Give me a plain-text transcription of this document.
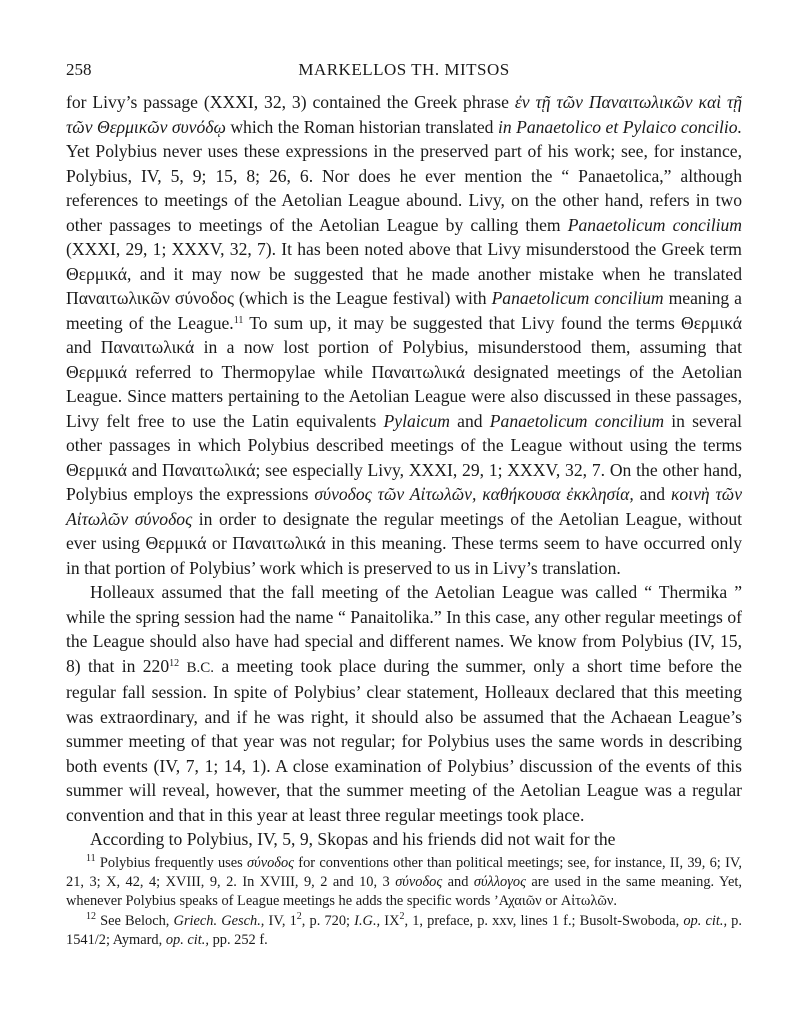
258	MARKELLOS TH. MITSOS

for Livy’s passage (XXXI, 32, 3) contained the Greek phrase ἐν τῇ τῶν Παναιτωλικῶν καὶ τῇ τῶν Θερμικῶν συνόδῳ which the Roman historian translated in Panaetolico et Pylaico concilio. Yet Polybius never uses these expressions in the preserved part of his work; see, for instance, Polybius, IV, 5, 9; 15, 8; 26, 6. Nor does he ever mention the “ Panaetolica,” although references to meetings of the Aetolian League abound. Livy, on the other hand, refers in two other passages to meetings of the Aetolian League by calling them Panaetolicum concilium (XXXI, 29, 1; XXXV, 32, 7). It has been noted above that Livy misunderstood the Greek term Θερμικά, and it may now be suggested that he made another mistake when he translated Παναιτωλικῶν σύνοδος (which is the League festival) with Panaetolicum concilium meaning a meeting of the League.$^{11}$ To sum up, it may be suggested that Livy found the terms Θερμικά and Παναιτωλικά in a now lost portion of Polybius, misunderstood them, assuming that Θερμικά referred to Thermopylae while Παναιτωλικά designated meetings of the Aetolian League. Since matters pertaining to the Aetolian League were also discussed in these passages, Livy felt free to use the Latin equivalents Pylaicum and Panaetolicum concilium in several other passages in which Polybius described meetings of the League without using the terms Θερμικά and Παναιτωλικά; see especially Livy, XXXI, 29, 1; XXXV, 32, 7. On the other hand, Polybius employs the expressions σύνοδος τῶν Αἰτωλῶν, καθήκουσα ἐκκλησία, and κοινὴ τῶν Αἰτωλῶν σύνοδος in order to designate the regular meetings of the Aetolian League, without ever using Θερμικά or Παναιτωλικά in this meaning. These terms seem to have occurred only in that portion of Polybius’ work which is preserved to us in Livy’s translation.

Holleaux assumed that the fall meeting of the Aetolian League was called “ Thermika ” while the spring session had the name “ Panaitolika.” In this case, any other regular meetings of the League should also have had special and different names. We know from Polybius (IV, 15, 8) that in $220^{12}$ B.C. a meeting took place during the summer, only a short time before the regular fall session. In spite of Polybius’ clear statement, Holleaux declared that this meeting was extraordinary, and if he was right, it should also be assumed that the Achaean League’s summer meeting of that year was not regular; for Polybius uses the same words in describing both events (IV, 7, 1; 14, 1). A close examination of Polybius’ discussion of the events of this summer will reveal, however, that the summer meeting of the Aetolian League was a regular convention and that in this year at least three regular meetings took place.

According to Polybius, IV, 5, 9, Skopas and his friends did not wait for the

$^{11}$ Polybius frequently uses σύνοδος for conventions other than political meetings; see, for instance, II, 39, 6; IV, 21, 3; X, 42, 4; XVIII, 9, 2. In XVIII, 9, 2 and 10, 3 σύνοδος and σύλλογος are used in the same meaning. Yet, whenever Polybius speaks of League meetings he adds the specific words ’Αχαιῶν or Αἰτωλῶν.

$^{12}$ See Beloch, Griech. Gesch., IV, $1^2$, p. 720; I.G., $IX^2$, 1, preface, p. xxv, lines 1 f.; Busolt-Swoboda, op. cit., p. 1541/2; Aymard, op. cit., pp. 252 f.
